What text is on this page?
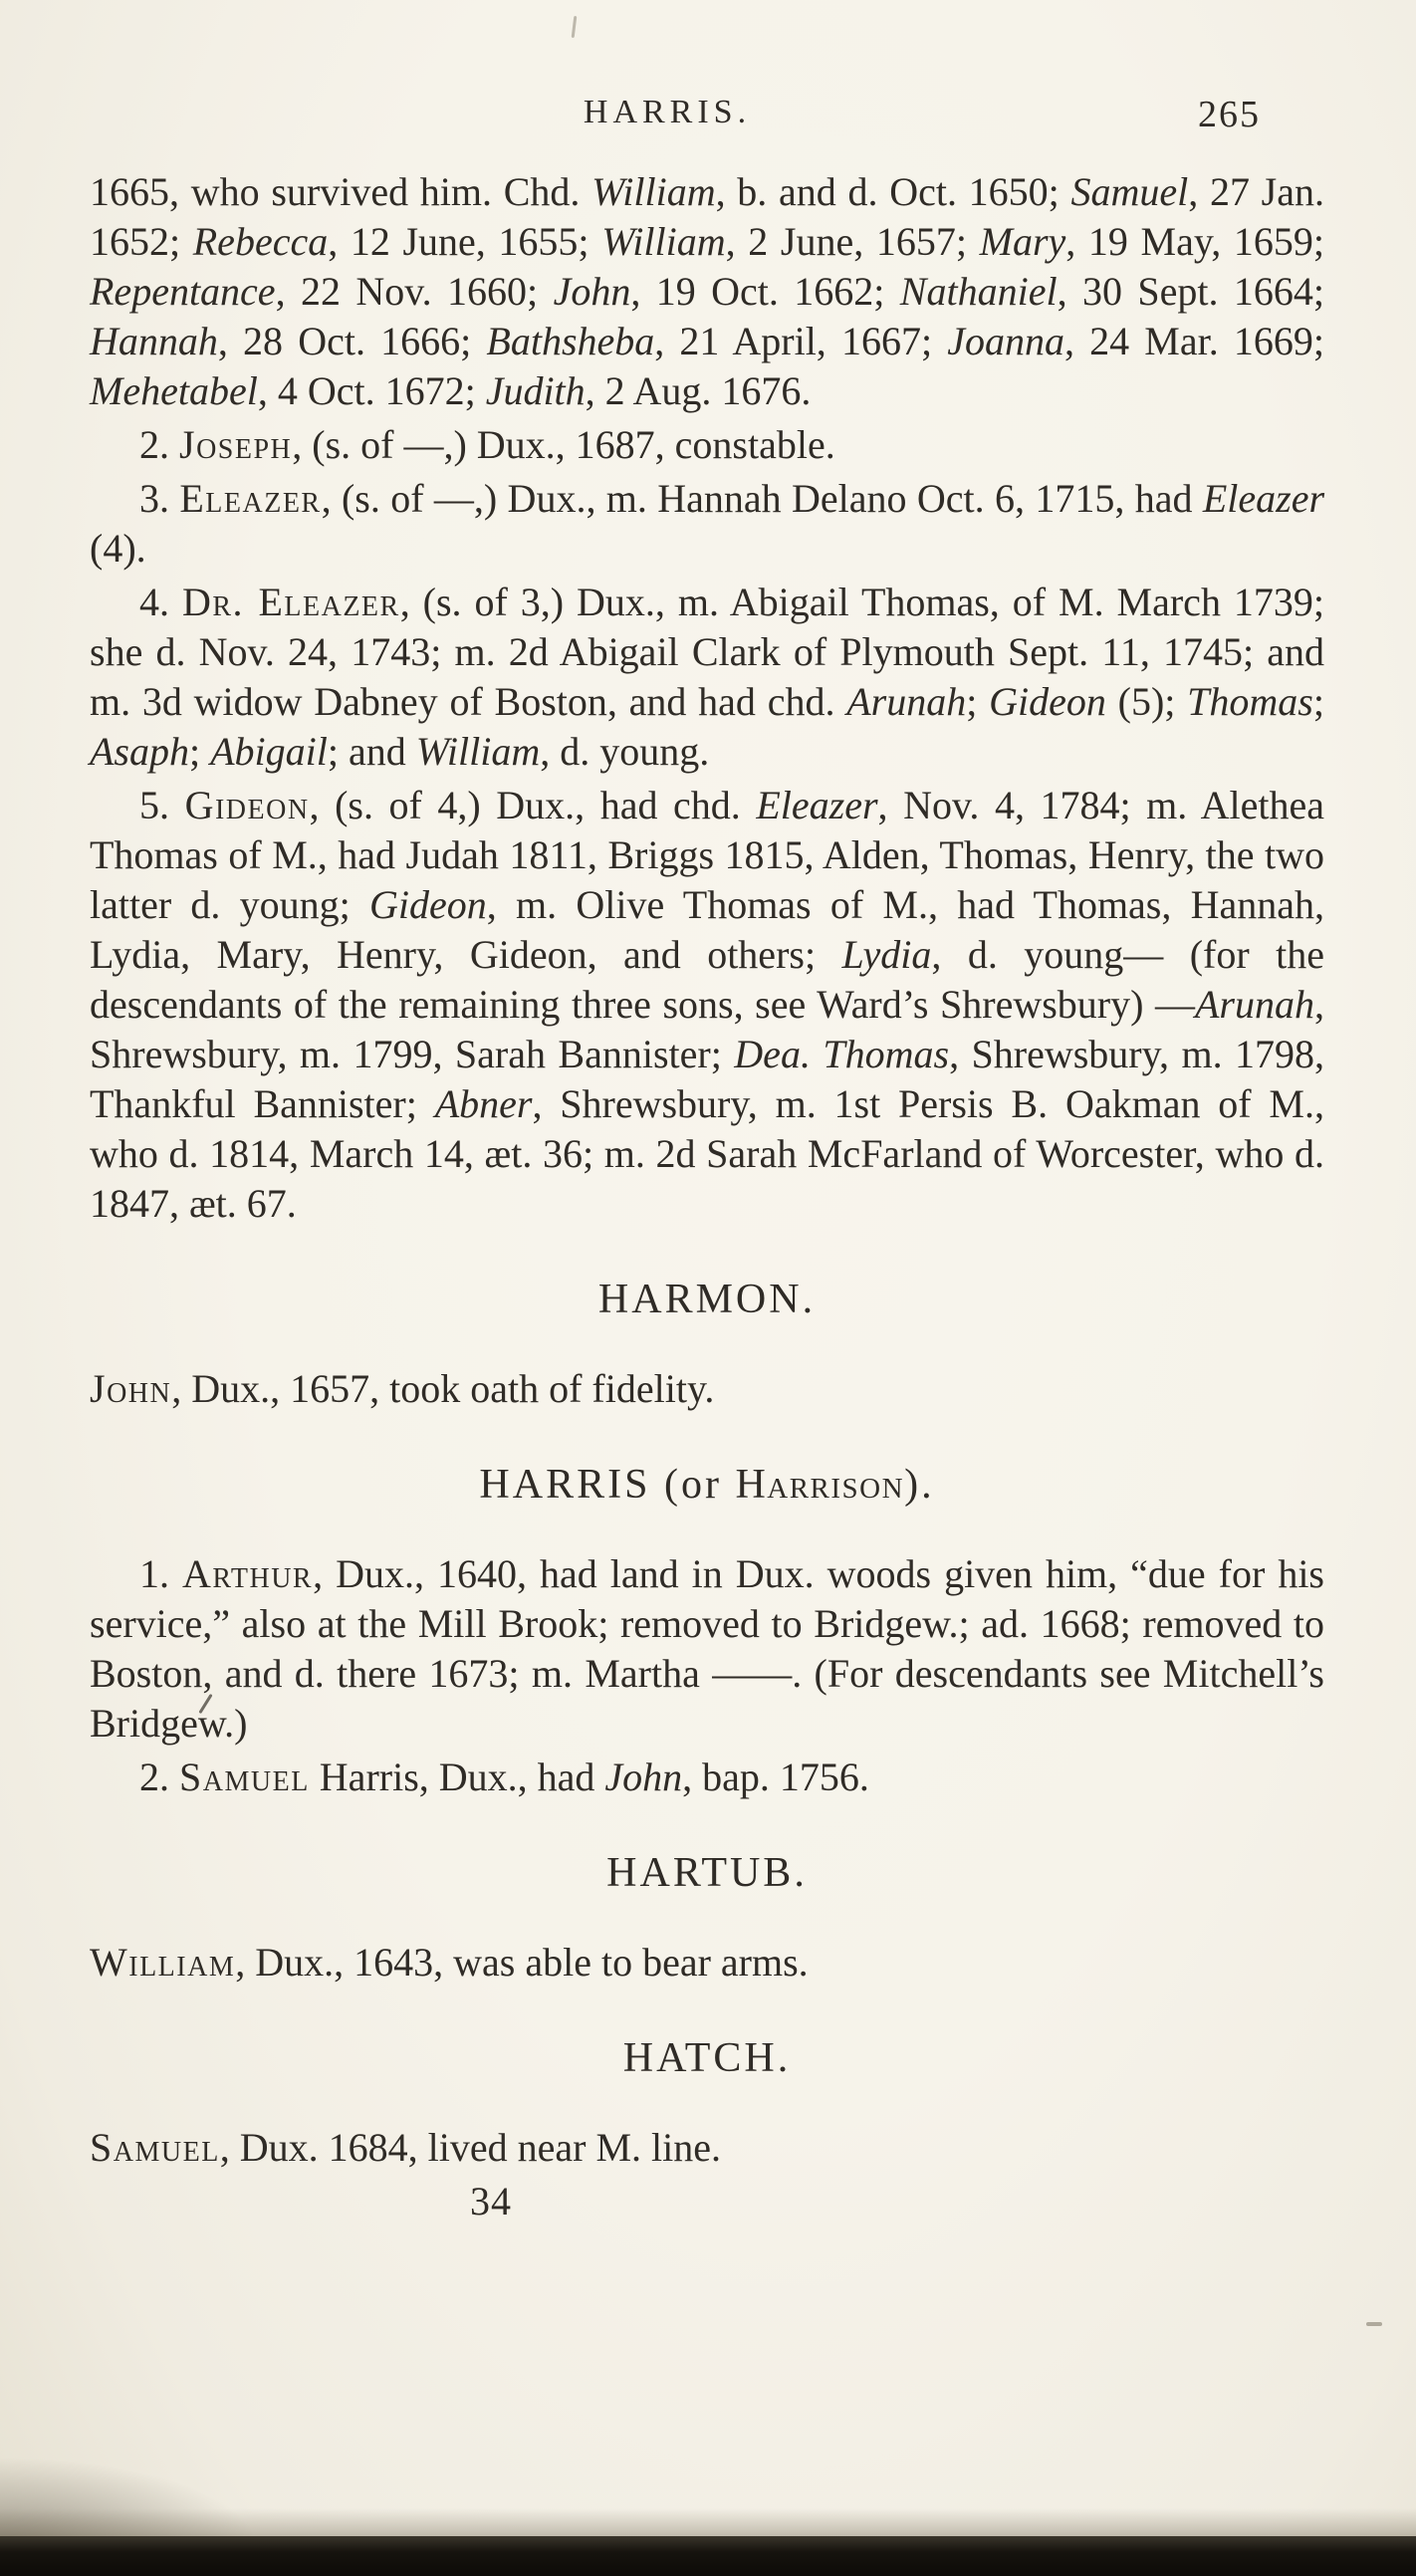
HARRIS.	265
1665, who survived him. Chd. William, b. and d. Oct. 1650; Samuel, 27 Jan. 1652; Rebecca, 12 June, 1655; William, 2 June, 1657; Mary, 19 May, 1659; Repentance, 22 Nov. 1660; John, 19 Oct. 1662; Nathaniel, 30 Sept. 1664; Hannah, 28 Oct. 1666; Bathsheba, 21 April, 1667; Joanna, 24 Mar. 1669; Mehetabel, 4 Oct. 1672; Judith, 2 Aug. 1676.
2. Joseph, (s. of —,) Dux., 1687, constable.
3. Eleazer, (s. of —,) Dux., m. Hannah Delano Oct. 6, 1715, had Eleazer (4).
4. Dr. Eleazer, (s. of 3,) Dux., m. Abigail Thomas, of M. March 1739; she d. Nov. 24, 1743; m. 2d Abigail Clark of Plymouth Sept. 11, 1745; and m. 3d widow Dabney of Boston, and had chd. Arunah; Gideon (5); Thomas; Asaph; Abigail; and William, d. young.
5. Gideon, (s. of 4,) Dux., had chd. Eleazer, Nov. 4, 1784; m. Alethea Thomas of M., had Judah 1811, Briggs 1815, Alden, Thomas, Henry, the two latter d. young; Gideon, m. Olive Thomas of M., had Thomas, Hannah, Lydia, Mary, Henry, Gideon, and others; Lydia, d. young— (for the descendants of the remaining three sons, see Ward’s Shrewsbury) —Arunah, Shrewsbury, m. 1799, Sarah Bannister; Dea. Thomas, Shrewsbury, m. 1798, Thankful Bannister; Abner, Shrewsbury, m. 1st Persis B. Oakman of M., who d. 1814, March 14, æt. 36; m. 2d Sarah McFarland of Worcester, who d. 1847, æt. 67.
HARMON.
John, Dux., 1657, took oath of fidelity.
HARRIS (or Harrison).
1. Arthur, Dux., 1640, had land in Dux. woods given him, “due for his service,” also at the Mill Brook; removed to Bridgew.; ad. 1668; removed to Boston, and d. there 1673; m. Martha ——. (For descendants see Mitchell’s Bridgew.)
2. Samuel Harris, Dux., had John, bap. 1756.
HARTUB.
William, Dux., 1643, was able to bear arms.
HATCH.
Samuel, Dux. 1684, lived near M. line.
34
